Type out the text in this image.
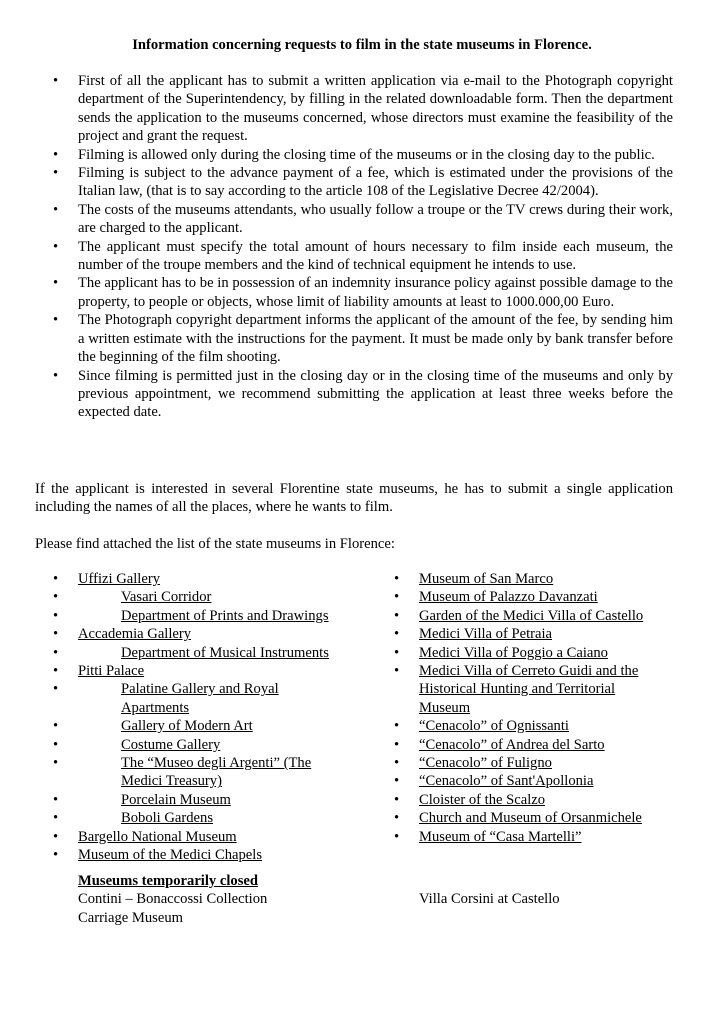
Information concerning requests to film in the state museums in Florence.
• First of all the applicant has to submit a written application via e-mail to the Photograph copyright department of the Superintendency, by filling in the related downloadable form. Then the department sends the application to the museums concerned, whose directors must examine the feasibility of the project and grant the request.
• Filming is allowed only during the closing time of the museums or in the closing day to the public.
• Filming is subject to the advance payment of a fee, which is estimated under the provisions of the Italian law, (that is to say according to the article 108 of the Legislative Decree 42/2004).
• The costs of the museums attendants, who usually follow a troupe or the TV crews during their work, are charged to the applicant.
• The applicant must specify the total amount of hours necessary to film inside each museum, the number of the troupe members and the kind of technical equipment he intends to use.
• The applicant has to be in possession of an indemnity insurance policy against possible damage to the property, to people or objects, whose limit of liability amounts at least to 1000.000,00 Euro.
• The Photograph copyright department informs the applicant of the amount of the fee, by sending him a written estimate with the instructions for the payment. It must be made only by bank transfer before the beginning of the film shooting.
• Since filming is permitted just in the closing day or in the closing time of the museums and only by previous appointment, we recommend submitting the application at least three weeks before the expected date.

If the applicant is interested in several Florentine state museums, he has to submit a single application including the names of all the places, where he wants to film.

Please find attached the list of the state museums in Florence:

• Uffizi Gallery
• Vasari Corridor
• Department of Prints and Drawings
• Accademia Gallery
• Department of Musical Instruments
• Pitti Palace
• Palatine Gallery and Royal Apartments
• Gallery of Modern Art
• Costume Gallery
• The “Museo degli Argenti” (The Medici Treasury)
• Porcelain Museum
• Boboli Gardens
• Bargello National Museum
• Museum of the Medici Chapels
• Museum of San Marco
• Museum of Palazzo Davanzati
• Garden of the Medici Villa of Castello
• Medici Villa of Petraia
• Medici Villa of Poggio a Caiano
• Medici Villa of Cerreto Guidi and the Historical Hunting and Territorial Museum
• “Cenacolo” of Ognissanti
• “Cenacolo” of Andrea del Sarto
• “Cenacolo” of Fuligno
• “Cenacolo” of Sant'Apollonia
• Cloister of the Scalzo
• Church and Museum of Orsanmichele
• Museum of “Casa Martelli”
Museums temporarily closed
Contini – Bonaccossi Collection
Carriage Museum
Villa Corsini at Castello
